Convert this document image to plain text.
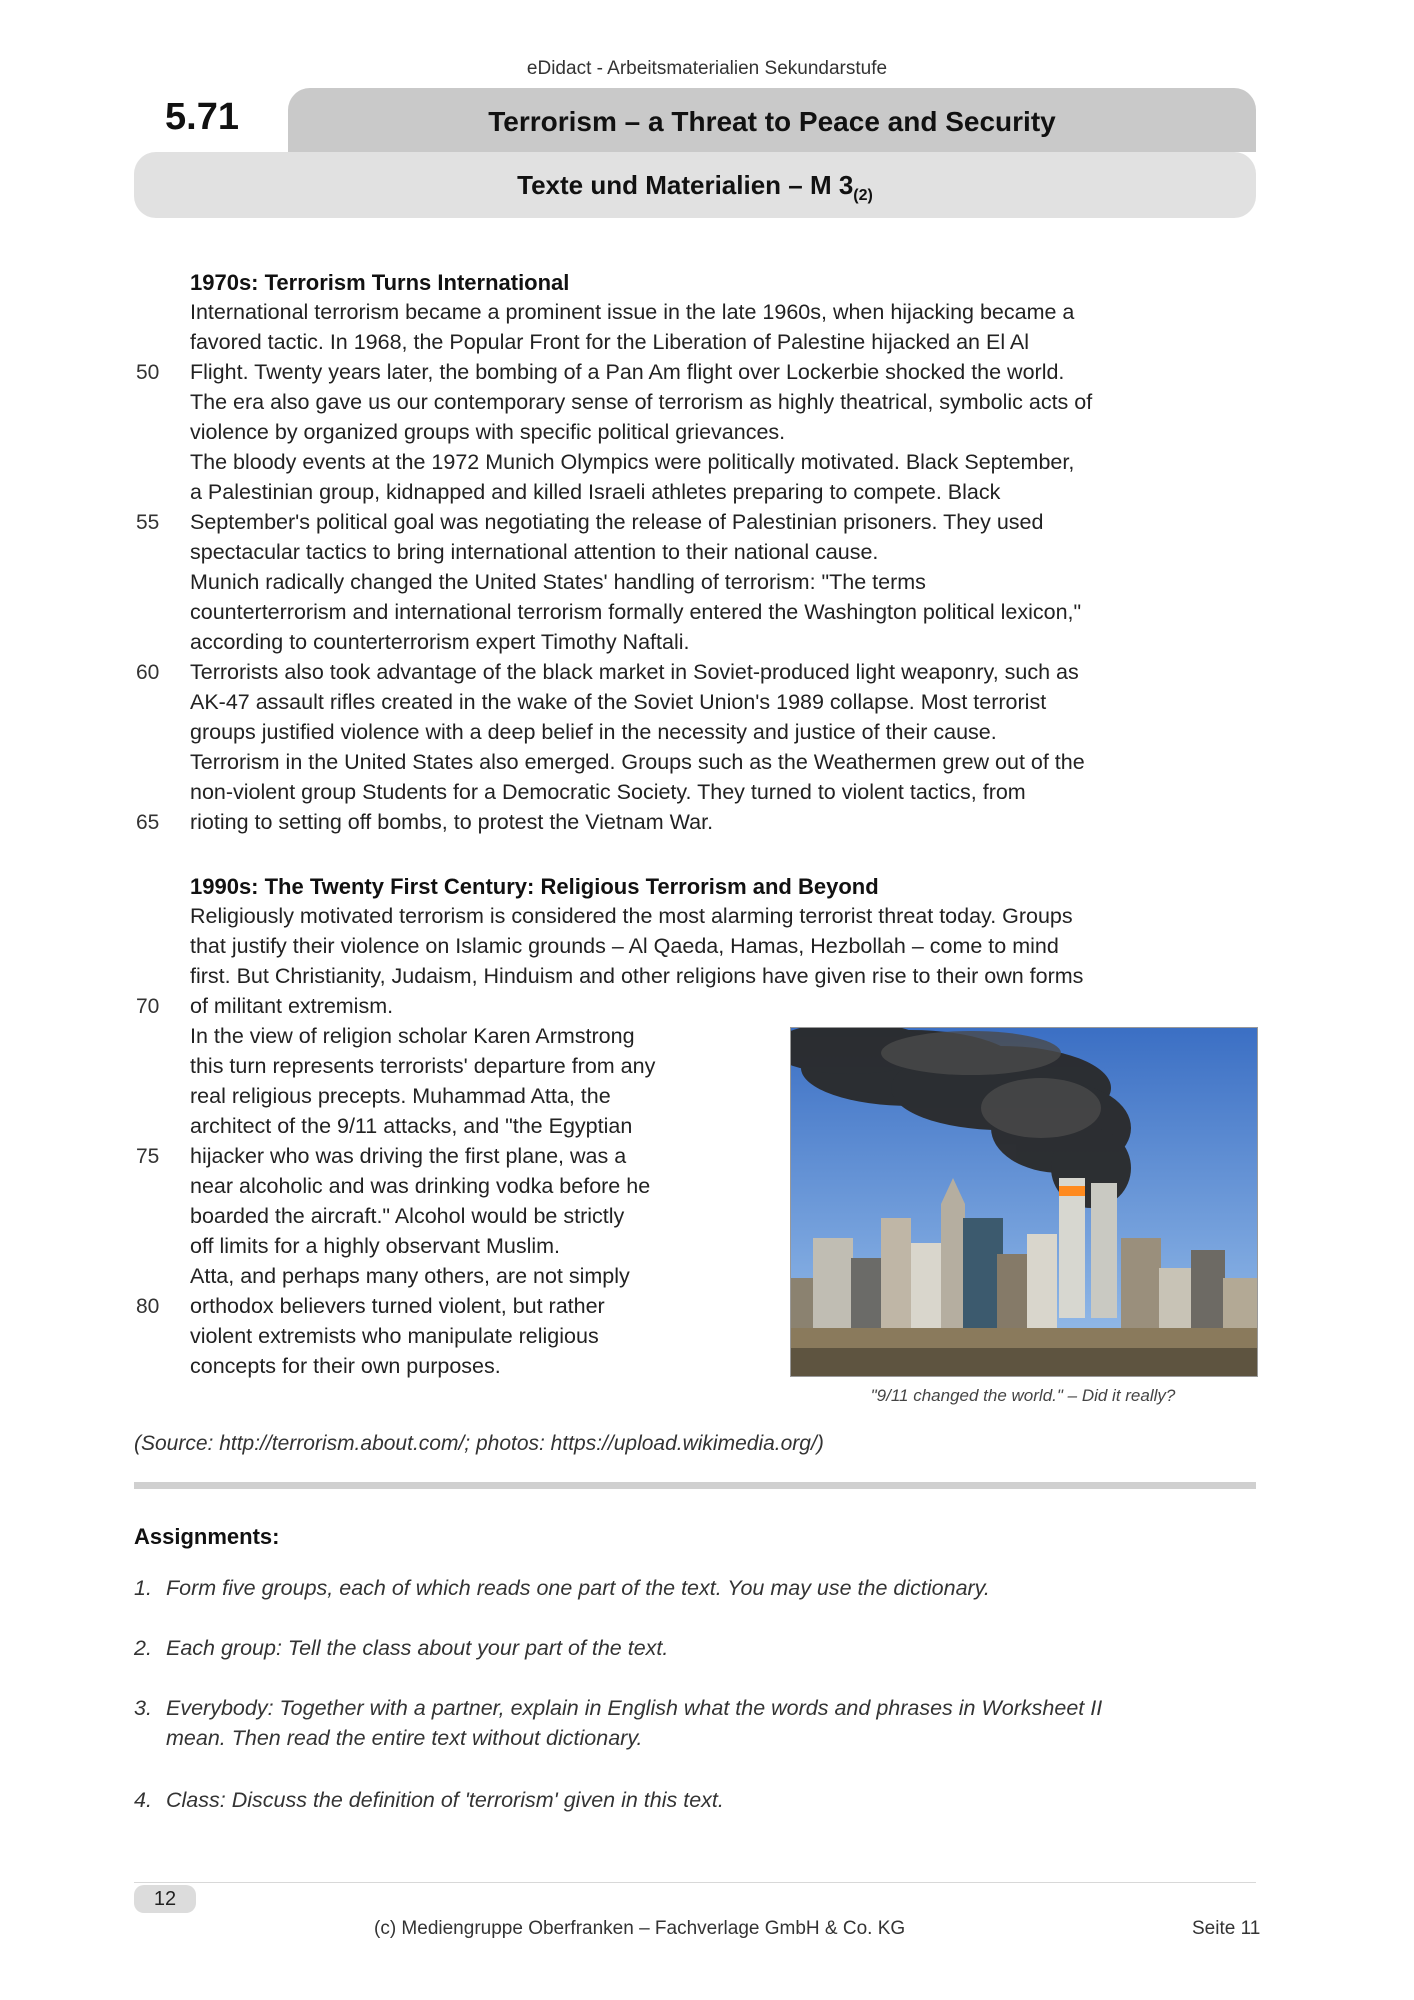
eDidact - Arbeitsmaterialien Sekundarstufe
5.71	Terrorism – a Threat to Peace and Security
Texte und Materialien – M $3_{(2)}$
1970s: Terrorism Turns International
International terrorism became a prominent issue in the late 1960s, when hijacking became a
favored tactic. In 1968, the Popular Front for the Liberation of Palestine hijacked an El Al
Flight. Twenty years later, the bombing of a Pan Am flight over Lockerbie shocked the world.
The era also gave us our contemporary sense of terrorism as highly theatrical, symbolic acts of
violence by organized groups with specific political grievances.
The bloody events at the 1972 Munich Olympics were politically motivated. Black September,
a Palestinian group, kidnapped and killed Israeli athletes preparing to compete. Black
September's political goal was negotiating the release of Palestinian prisoners. They used
spectacular tactics to bring international attention to their national cause.
Munich radically changed the United States' handling of terrorism: "The terms
counterterrorism and international terrorism formally entered the Washington political lexicon,"
according to counterterrorism expert Timothy Naftali.
Terrorists also took advantage of the black market in Soviet-produced light weaponry, such as
AK-47 assault rifles created in the wake of the Soviet Union's 1989 collapse. Most terrorist
groups justified violence with a deep belief in the necessity and justice of their cause.
Terrorism in the United States also emerged. Groups such as the Weathermen grew out of the
non-violent group Students for a Democratic Society. They turned to violent tactics, from
rioting to setting off bombs, to protest the Vietnam War.
1990s: The Twenty First Century: Religious Terrorism and Beyond
Religiously motivated terrorism is considered the most alarming terrorist threat today. Groups
that justify their violence on Islamic grounds – Al Qaeda, Hamas, Hezbollah – come to mind
first. But Christianity, Judaism, Hinduism and other religions have given rise to their own forms
of militant extremism.
In the view of religion scholar Karen Armstrong
this turn represents terrorists' departure from any
real religious precepts. Muhammad Atta, the
architect of the 9/11 attacks, and "the Egyptian
hijacker who was driving the first plane, was a
near alcoholic and was drinking vodka before he
boarded the aircraft." Alcohol would be strictly
off limits for a highly observant Muslim.
Atta, and perhaps many others, are not simply
orthodox believers turned violent, but rather
violent extremists who manipulate religious
concepts for their own purposes.
50
55
60
65
70
75
80
"9/11 changed the world." – Did it really?
(Source: http://terrorism.about.com/; photos: https://upload.wikimedia.org/)
Assignments:
1. Form five groups, each of which reads one part of the text. You may use the dictionary.
2. Each group: Tell the class about your part of the text.
3. Everybody: Together with a partner, explain in English what the words and phrases in Worksheet II
mean. Then read the entire text without dictionary.
4. Class: Discuss the definition of 'terrorism' given in this text.
12
(c) Mediengruppe Oberfranken – Fachverlage GmbH & Co. KG	Seite 11
